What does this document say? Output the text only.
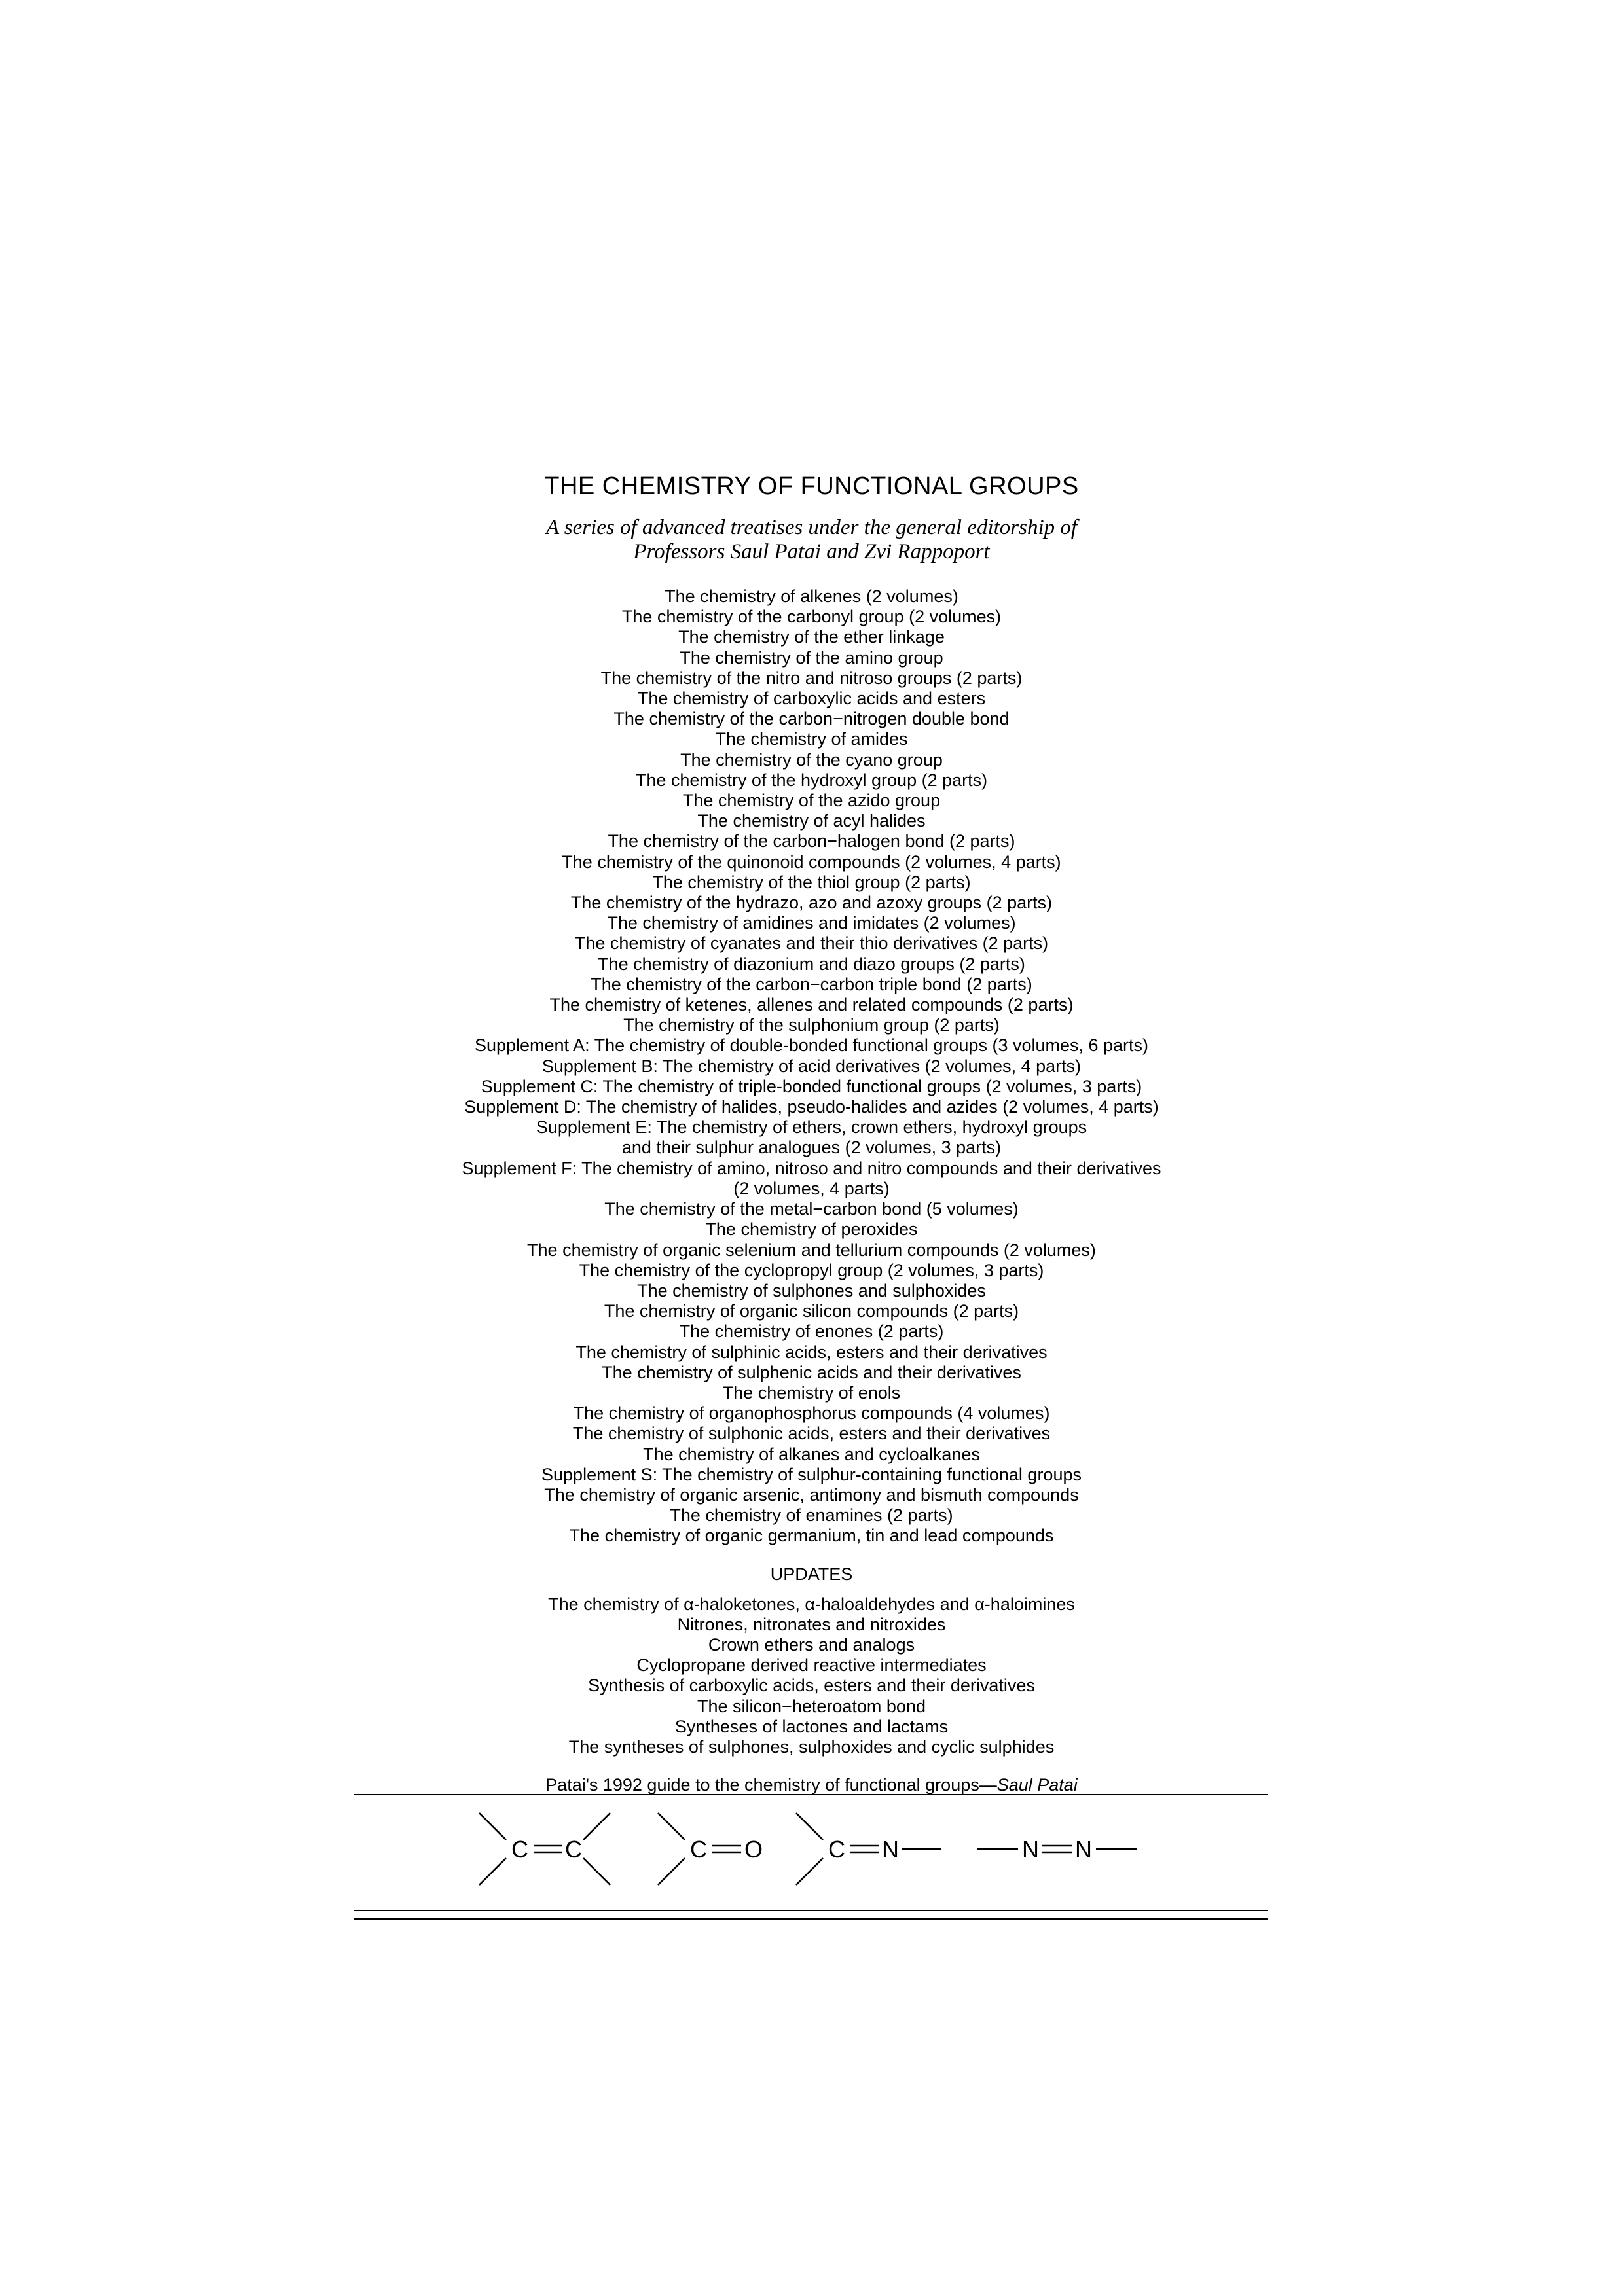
THE CHEMISTRY OF FUNCTIONAL GROUPS
A series of advanced treatises under the general editorship of
Professors Saul Patai and Zvi Rappoport
The chemistry of alkenes (2 volumes)
The chemistry of the carbonyl group (2 volumes)
The chemistry of the ether linkage
The chemistry of the amino group
The chemistry of the nitro and nitroso groups (2 parts)
The chemistry of carboxylic acids and esters
The chemistry of the carbon−nitrogen double bond
The chemistry of amides
The chemistry of the cyano group
The chemistry of the hydroxyl group (2 parts)
The chemistry of the azido group
The chemistry of acyl halides
The chemistry of the carbon−halogen bond (2 parts)
The chemistry of the quinonoid compounds (2 volumes, 4 parts)
The chemistry of the thiol group (2 parts)
The chemistry of the hydrazo, azo and azoxy groups (2 parts)
The chemistry of amidines and imidates (2 volumes)
The chemistry of cyanates and their thio derivatives (2 parts)
The chemistry of diazonium and diazo groups (2 parts)
The chemistry of the carbon−carbon triple bond (2 parts)
The chemistry of ketenes, allenes and related compounds (2 parts)
The chemistry of the sulphonium group (2 parts)
Supplement A: The chemistry of double-bonded functional groups (3 volumes, 6 parts)
Supplement B: The chemistry of acid derivatives (2 volumes, 4 parts)
Supplement C: The chemistry of triple-bonded functional groups (2 volumes, 3 parts)
Supplement D: The chemistry of halides, pseudo-halides and azides (2 volumes, 4 parts)
Supplement E: The chemistry of ethers, crown ethers, hydroxyl groups
and their sulphur analogues (2 volumes, 3 parts)
Supplement F: The chemistry of amino, nitroso and nitro compounds and their derivatives
(2 volumes, 4 parts)
The chemistry of the metal−carbon bond (5 volumes)
The chemistry of peroxides
The chemistry of organic selenium and tellurium compounds (2 volumes)
The chemistry of the cyclopropyl group (2 volumes, 3 parts)
The chemistry of sulphones and sulphoxides
The chemistry of organic silicon compounds (2 parts)
The chemistry of enones (2 parts)
The chemistry of sulphinic acids, esters and their derivatives
The chemistry of sulphenic acids and their derivatives
The chemistry of enols
The chemistry of organophosphorus compounds (4 volumes)
The chemistry of sulphonic acids, esters and their derivatives
The chemistry of alkanes and cycloalkanes
Supplement S: The chemistry of sulphur-containing functional groups
The chemistry of organic arsenic, antimony and bismuth compounds
The chemistry of enamines (2 parts)
The chemistry of organic germanium, tin and lead compounds
UPDATES
The chemistry of α-haloketones, α-haloaldehydes and α-haloimines
Nitrones, nitronates and nitroxides
Crown ethers and analogs
Cyclopropane derived reactive intermediates
Synthesis of carboxylic acids, esters and their derivatives
The silicon−heteroatom bond
Syntheses of lactones and lactams
The syntheses of sulphones, sulphoxides and cyclic sulphides
Patai's 1992 guide to the chemistry of functional groups—Saul Patai
C C	C O	C N	N N
